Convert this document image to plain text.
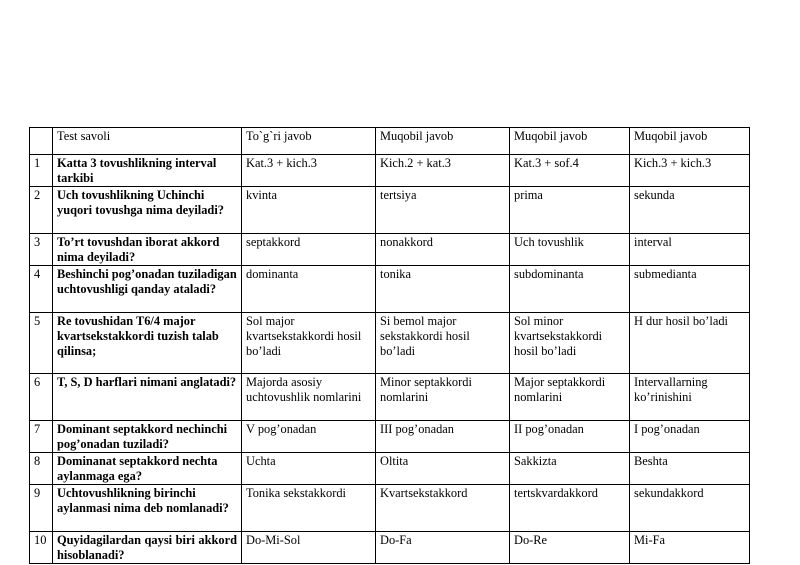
	Test savoli	To`g`ri javob	Muqobil javob	Muqobil javob	Muqobil javob
1	Katta 3 tovushlikning interval tarkibi	Kat.3 + kich.3	Kich.2 + kat.3	Kat.3 + sof.4	Kich.3 + kich.3
2	Uch tovushlikning Uchinchi yuqori tovushga nima deyiladi?	kvinta	tertsiya	prima	sekunda
3	To’rt tovushdan iborat akkord nima deyiladi?	septakkord	nonakkord	Uch tovushlik	interval
4	Beshinchi pog’onadan tuziladigan uchtovushligi qanday ataladi?	dominanta	tonika	subdominanta	submedianta
5	Re tovushidan T6/4 major kvartsekstakkordi tuzish talab qilinsa;	Sol major kvartsekstakkordi hosil bo’ladi	Si bemol major sekstakkordi hosil bo’ladi	Sol minor kvartsekstakkordi hosil bo’ladi	H dur hosil bo’ladi
6	T, S, D harflari nimani anglatadi?	Majorda asosiy uchtovushlik nomlarini	Minor septakkordi nomlarini	Major septakkordi nomlarini	Intervallarning ko’rinishini
7	Dominant septakkord nechinchi pog’onadan tuziladi?	V pog’onadan	III pog’onadan	II pog’onadan	I pog’onadan
8	Dominanat septakkord nechta aylanmaga ega?	Uchta	Oltita	Sakkizta	Beshta
9	Uchtovushlikning birinchi aylanmasi nima deb nomlanadi?	Tonika sekstakkordi	Kvartsekstakkord	tertskvardakkord	sekundakkord
10	Quyidagilardan qaysi biri akkord hisoblanadi?	Do-Mi-Sol	Do-Fa	Do-Re	Mi-Fa
